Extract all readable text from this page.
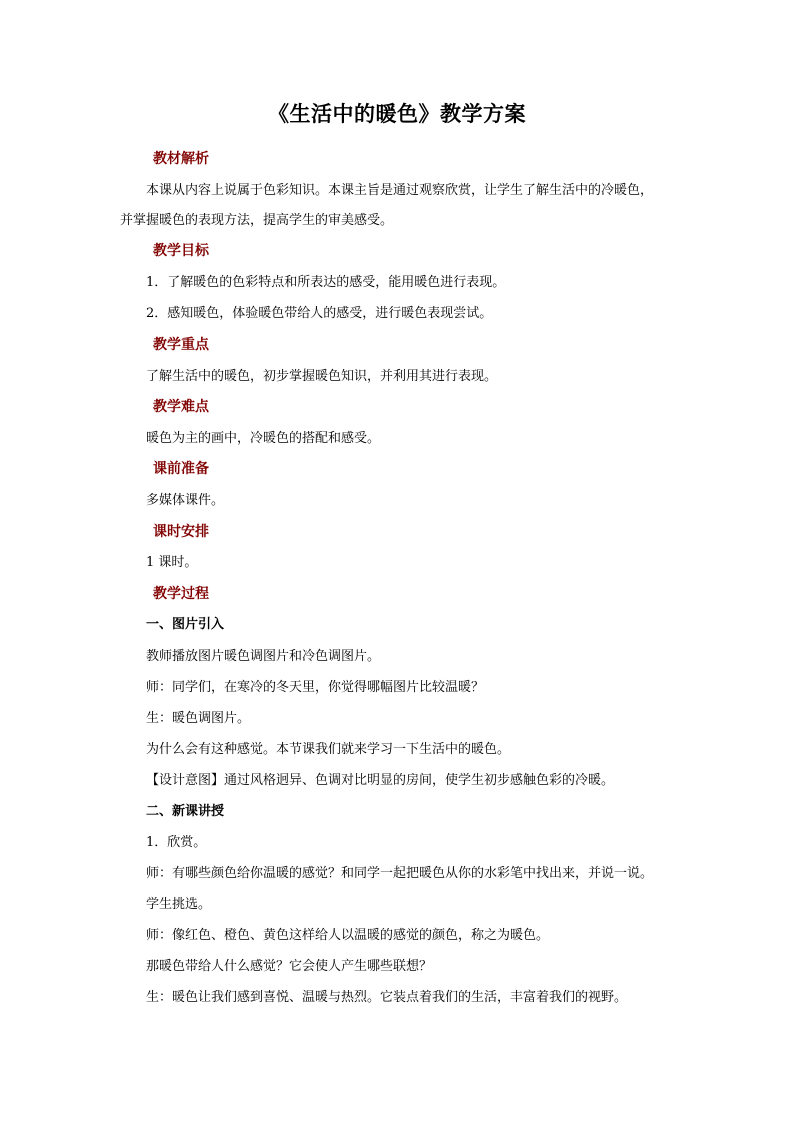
《生活中的暖色》教学方案
教材解析
本课从内容上说属于色彩知识。本课主旨是通过观察欣赏，让学生了解生活中的冷暖色，
并掌握暖色的表现方法，提高学生的审美感受。
教学目标
1．了解暖色的色彩特点和所表达的感受，能用暖色进行表现。
2．感知暖色，体验暖色带给人的感受，进行暖色表现尝试。
教学重点
了解生活中的暖色，初步掌握暖色知识，并利用其进行表现。
教学难点
暖色为主的画中，冷暖色的搭配和感受。
课前准备
多媒体课件。
课时安排
1 课时。
教学过程
一、图片引入
教师播放图片暖色调图片和冷色调图片。
师：同学们，在寒冷的冬天里，你觉得哪幅图片比较温暖？
生：暖色调图片。
为什么会有这种感觉。本节课我们就来学习一下生活中的暖色。
【设计意图】通过风格迥异、色调对比明显的房间，使学生初步感触色彩的冷暖。
二、新课讲授
1．欣赏。
师：有哪些颜色给你温暖的感觉？和同学一起把暖色从你的水彩笔中找出来，并说一说。
学生挑选。
师：像红色、橙色、黄色这样给人以温暖的感觉的颜色，称之为暖色。
那暖色带给人什么感觉？它会使人产生哪些联想？
生：暖色让我们感到喜悦、温暖与热烈。它装点着我们的生活，丰富着我们的视野。
